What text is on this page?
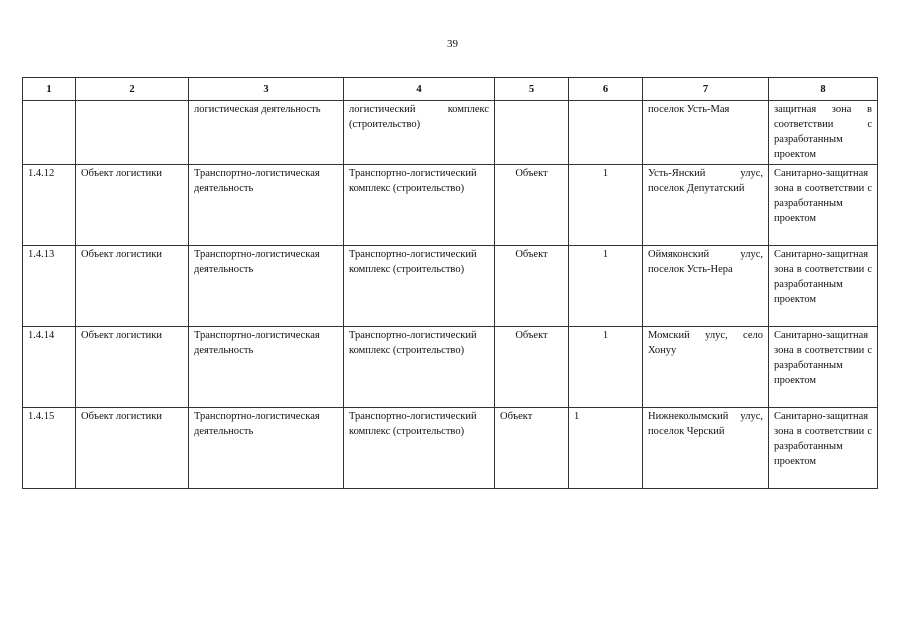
39
1	2	3	4	5	6	7	8
		логистическая деятельность	логистический комплекс (строительство)			поселок Усть-Мая	защитная зона в соответствии с разработанным проектом
1.4.12	Объект логистики	Транспортно-логистическая деятельность	Транспортно-логистический комплекс (строительство)	Объект	1	Усть-Янский улус, поселок Депутатский	Санитарно-защитная зона в соответствии с разработанным проектом
1.4.13	Объект логистики	Транспортно-логистическая деятельность	Транспортно-логистический комплекс (строительство)	Объект	1	Оймяконский улус, поселок Усть-Нера	Санитарно-защитная зона в соответствии с разработанным проектом
1.4.14	Объект логистики	Транспортно-логистическая деятельность	Транспортно-логистический комплекс (строительство)	Объект	1	Момский улус, село Хонуу	Санитарно-защитная зона в соответствии с разработанным проектом
1.4.15	Объект логистики	Транспортно-логистическая деятельность	Транспортно-логистический комплекс (строительство)	Объект	1	Нижнеколымский улус, поселок Черский	Санитарно-защитная зона в соответствии с разработанным проектом
